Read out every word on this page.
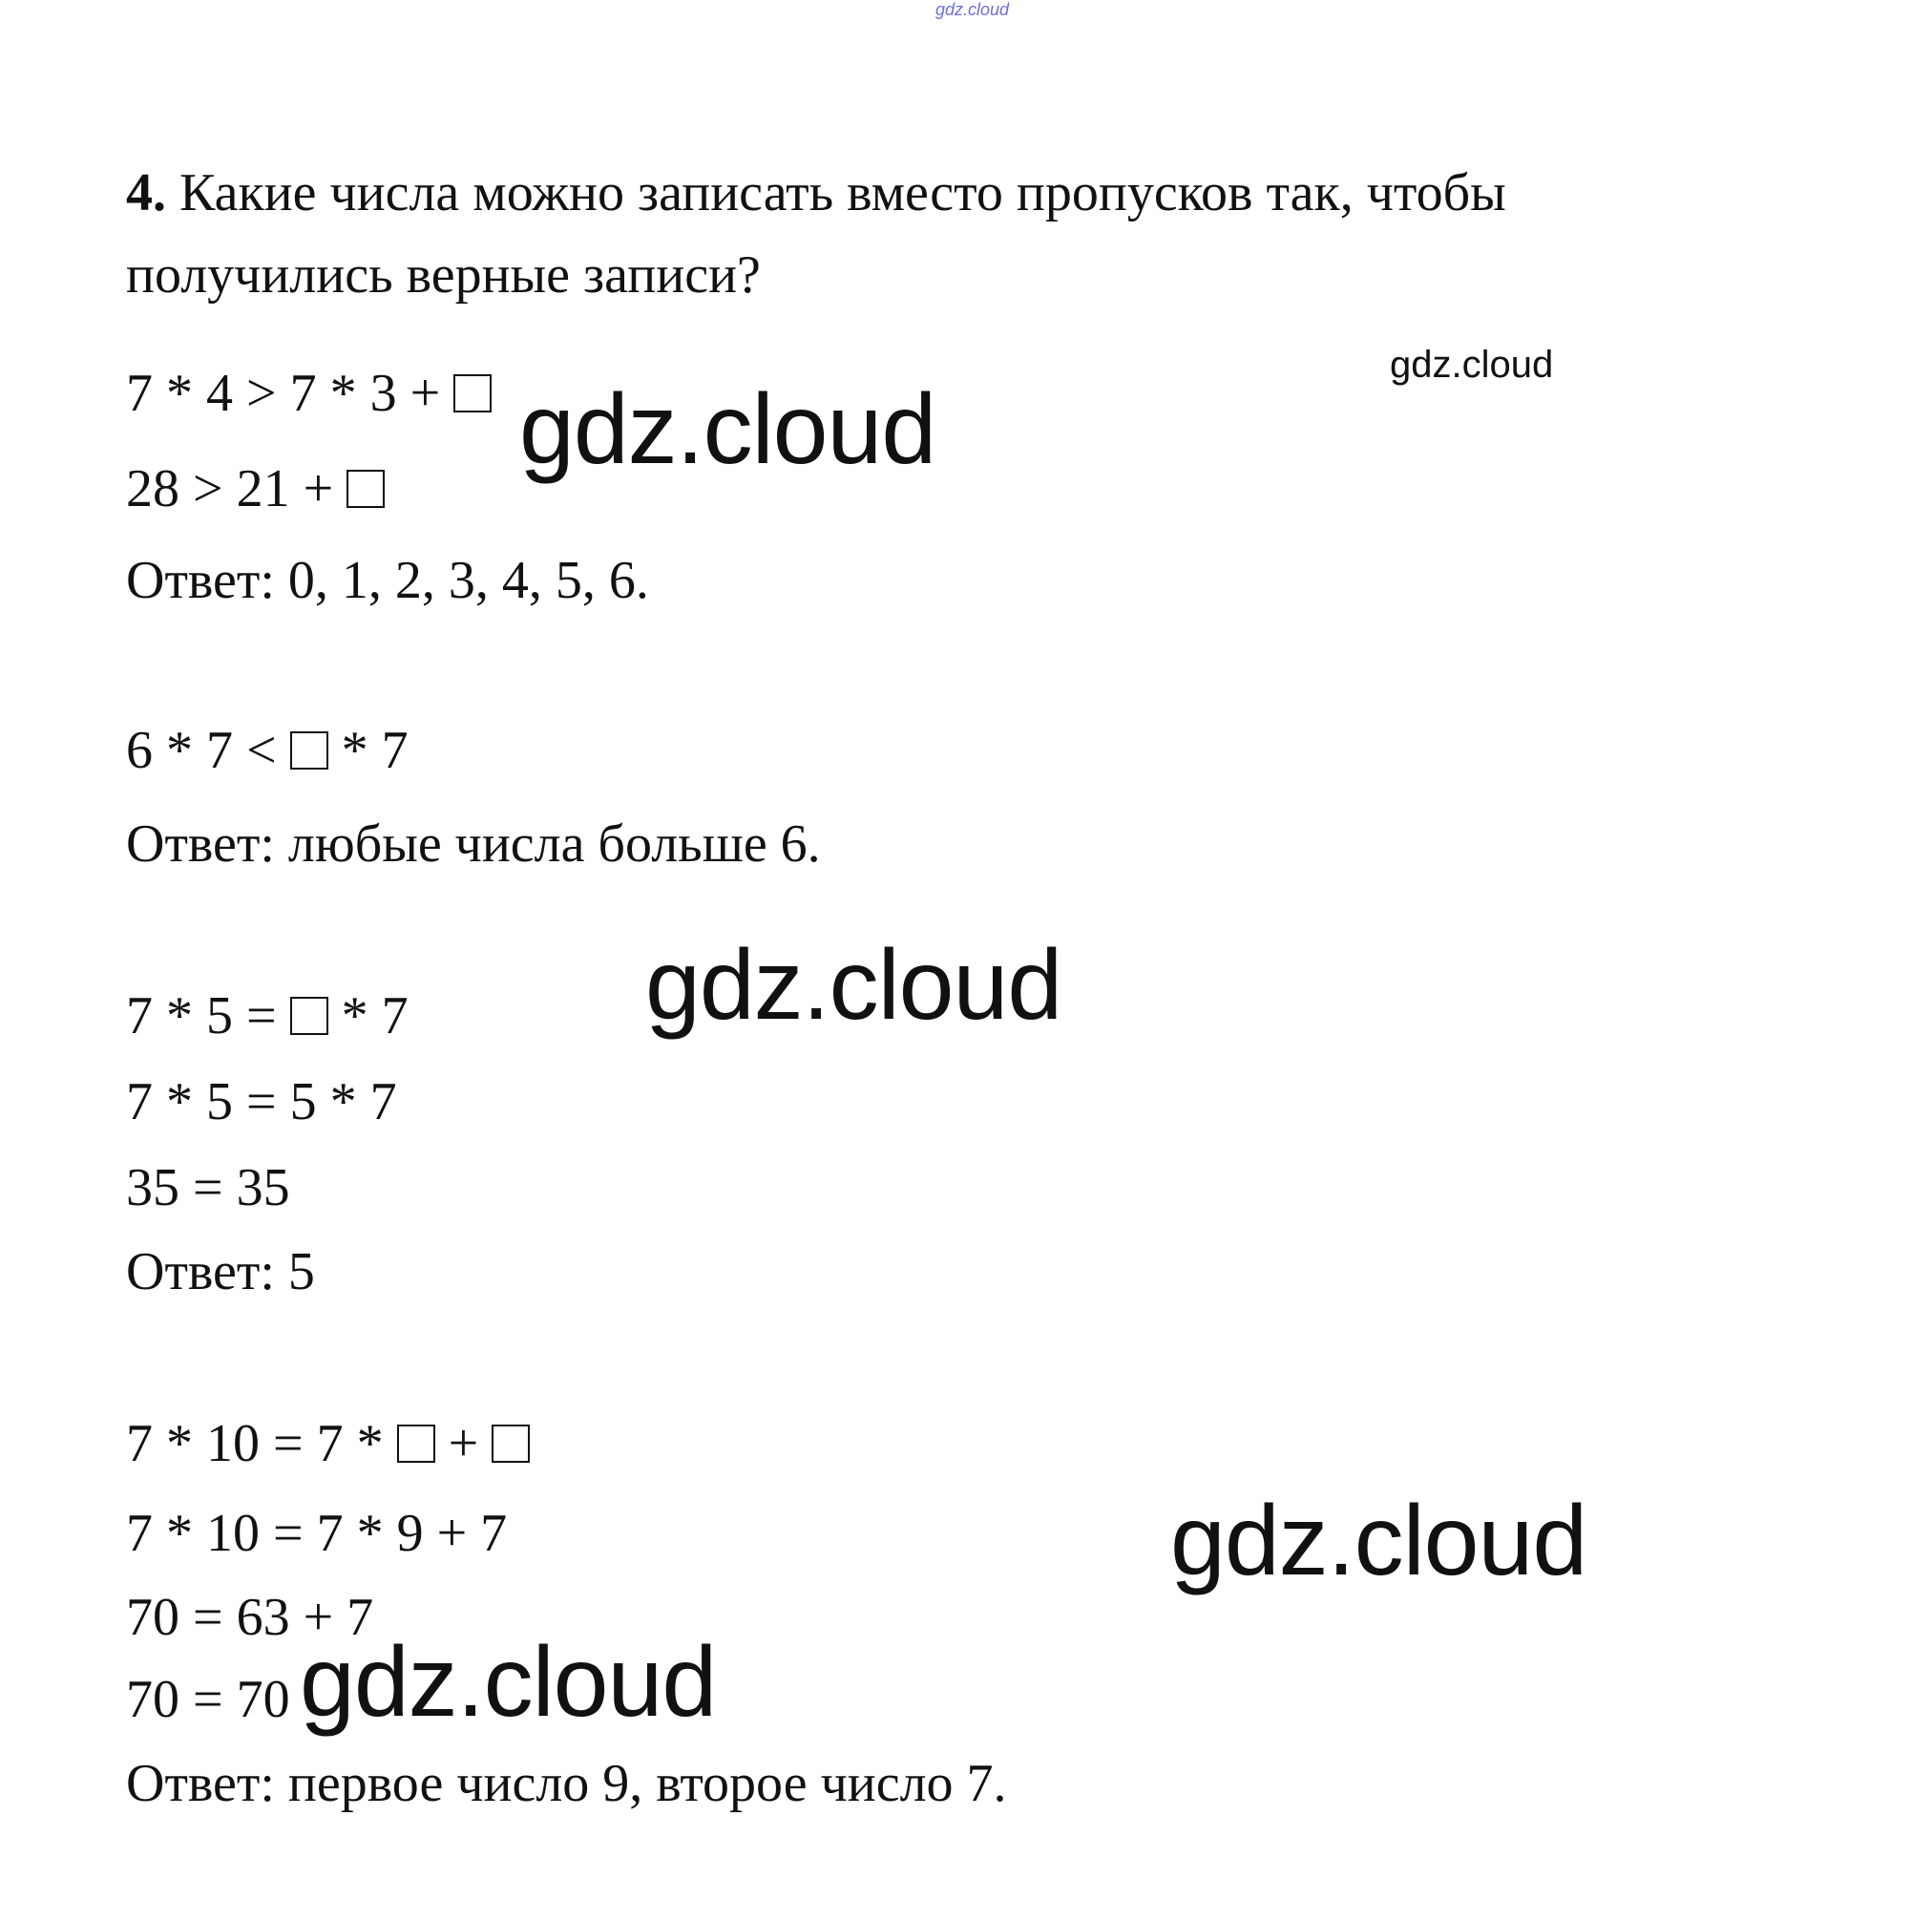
gdz.cloud
4. Какие числа можно записать вместо пропусков так, чтобы
получились верные записи?
7 * 4 > 7 * 3 +
28 > 21 +
Ответ: 0, 1, 2, 3, 4, 5, 6.
6 * 7 < * 7
Ответ: любые числа больше 6.
7 * 5 = * 7
7 * 5 = 5 * 7
35 = 35
Ответ: 5
7 * 10 = 7 * +
7 * 10 = 7 * 9 + 7
70 = 63 + 7
70 = 70
Ответ: первое число 9, второе число 7.
gdz.cloud
gdz.cloud
gdz.cloud
gdz.cloud
gdz.cloud
